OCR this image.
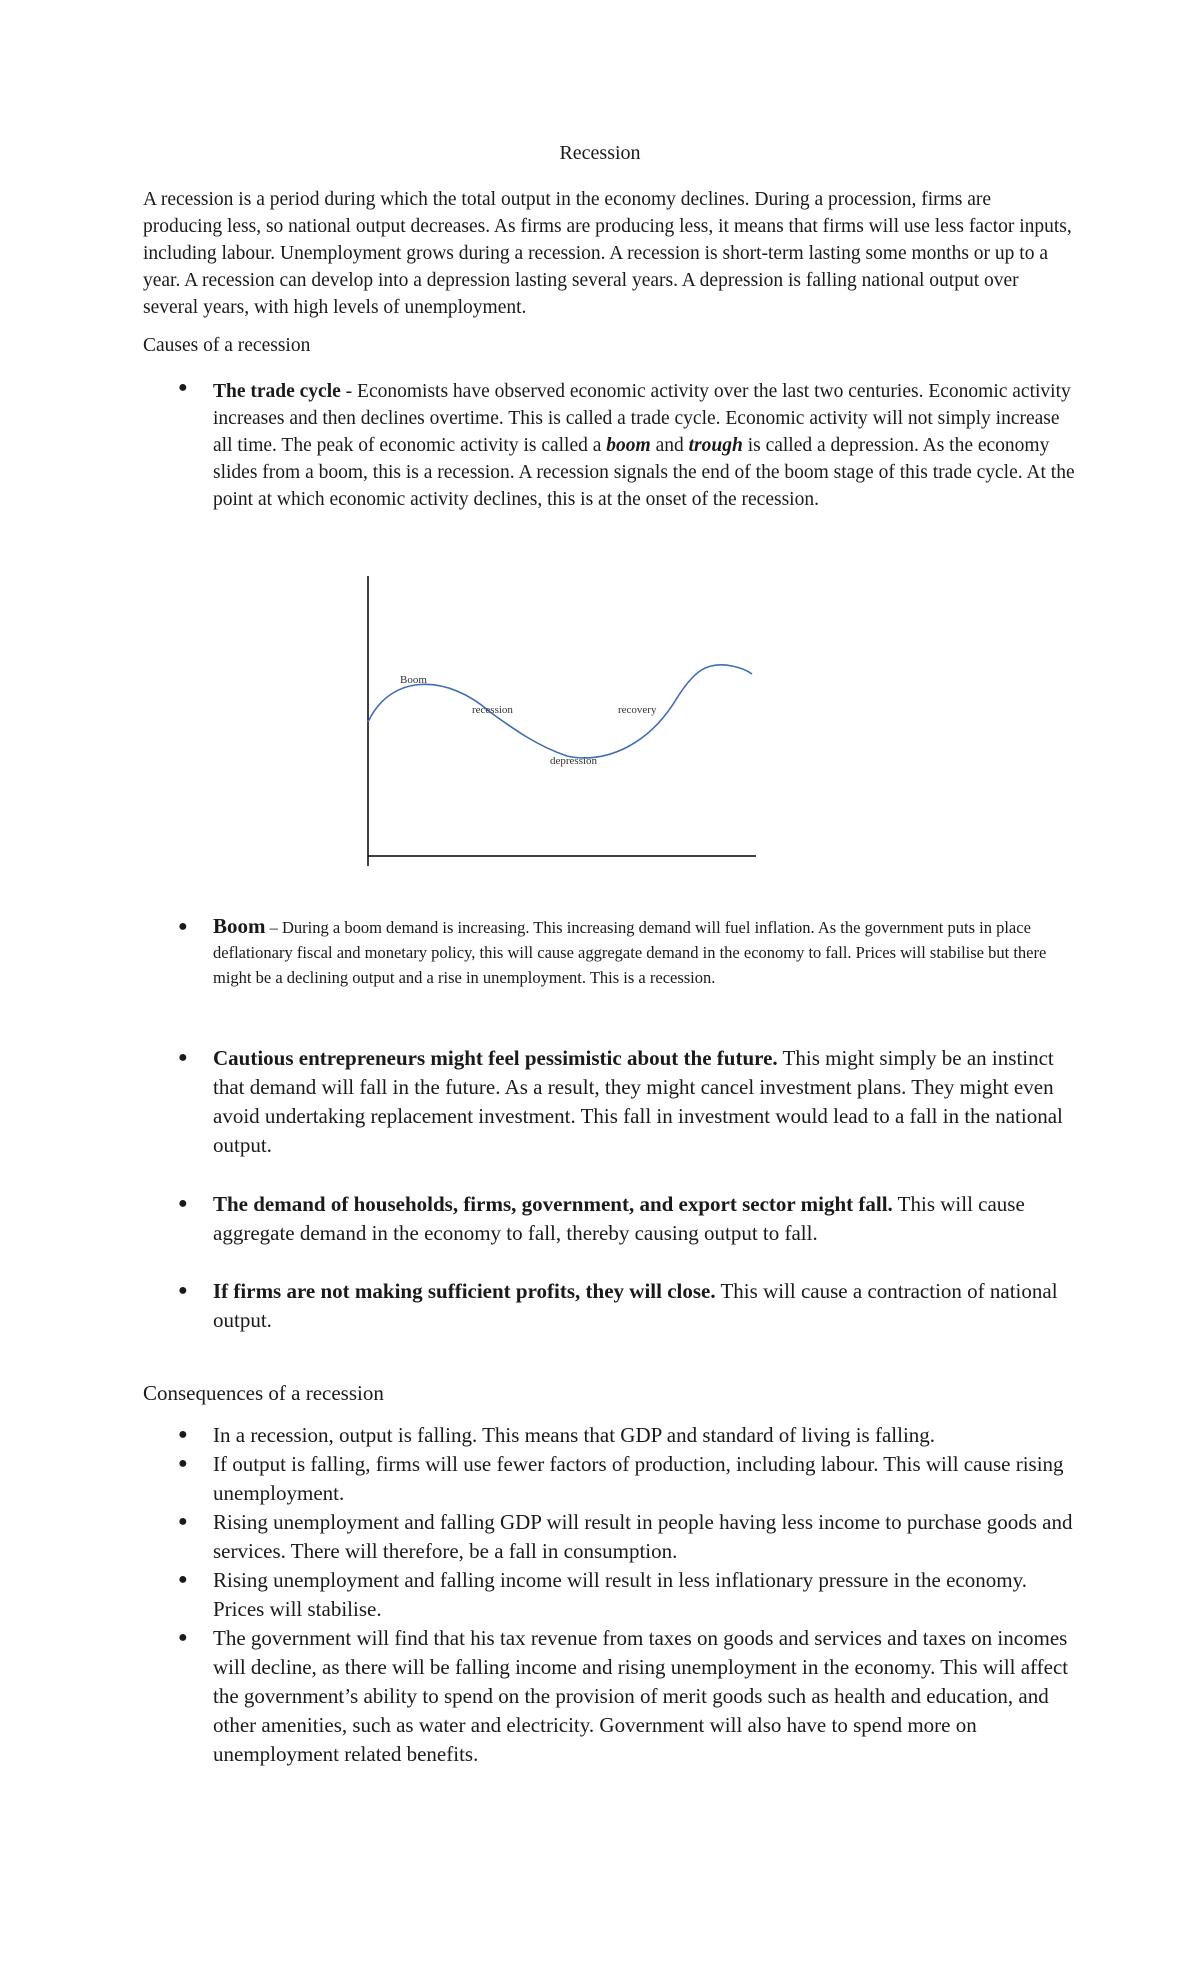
Recession

A recession is a period during which the total output in the economy declines. During a procession, firms are producing less, so national output decreases. As firms are producing less, it means that firms will use less factor inputs, including labour. Unemployment grows during a recession. A recession is short-term lasting some months or up to a year. A recession can develop into a depression lasting several years. A depression is falling national output over several years, with high levels of unemployment.

Causes of a recession

● The trade cycle - Economists have observed economic activity over the last two centuries. Economic activity increases and then declines overtime. This is called a trade cycle. Economic activity will not simply increase all time. The peak of economic activity is called a boom and trough is called a depression. As the economy slides from a boom, this is a recession. A recession signals the end of the boom stage of this trade cycle. At the point at which economic activity declines, this is at the onset of the recession.

Boom
recession	recovery
depression
● Boom – During a boom demand is increasing. This increasing demand will fuel inflation. As the government puts in place deflationary fiscal and monetary policy, this will cause aggregate demand in the economy to fall. Prices will stabilise but there might be a declining output and a rise in unemployment. This is a recession.

● Cautious entrepreneurs might feel pessimistic about the future. This might simply be an instinct that demand will fall in the future. As a result, they might cancel investment plans. They might even avoid undertaking replacement investment. This fall in investment would lead to a fall in the national output.

● The demand of households, firms, government, and export sector might fall. This will cause aggregate demand in the economy to fall, thereby causing output to fall.

● If firms are not making sufficient profits, they will close. This will cause a contraction of national output.

Consequences of a recession

● In a recession, output is falling. This means that GDP and standard of living is falling.

● If output is falling, firms will use fewer factors of production, including labour. This will cause rising unemployment.

● Rising unemployment and falling GDP will result in people having less income to purchase goods and services. There will therefore, be a fall in consumption.

● Rising unemployment and falling income will result in less inflationary pressure in the economy. Prices will stabilise.

● The government will find that his tax revenue from taxes on goods and services and taxes on incomes will decline, as there will be falling income and rising unemployment in the economy. This will affect the government’s ability to spend on the provision of merit goods such as health and education, and other amenities, such as water and electricity. Government will also have to spend more on unemployment related benefits.
